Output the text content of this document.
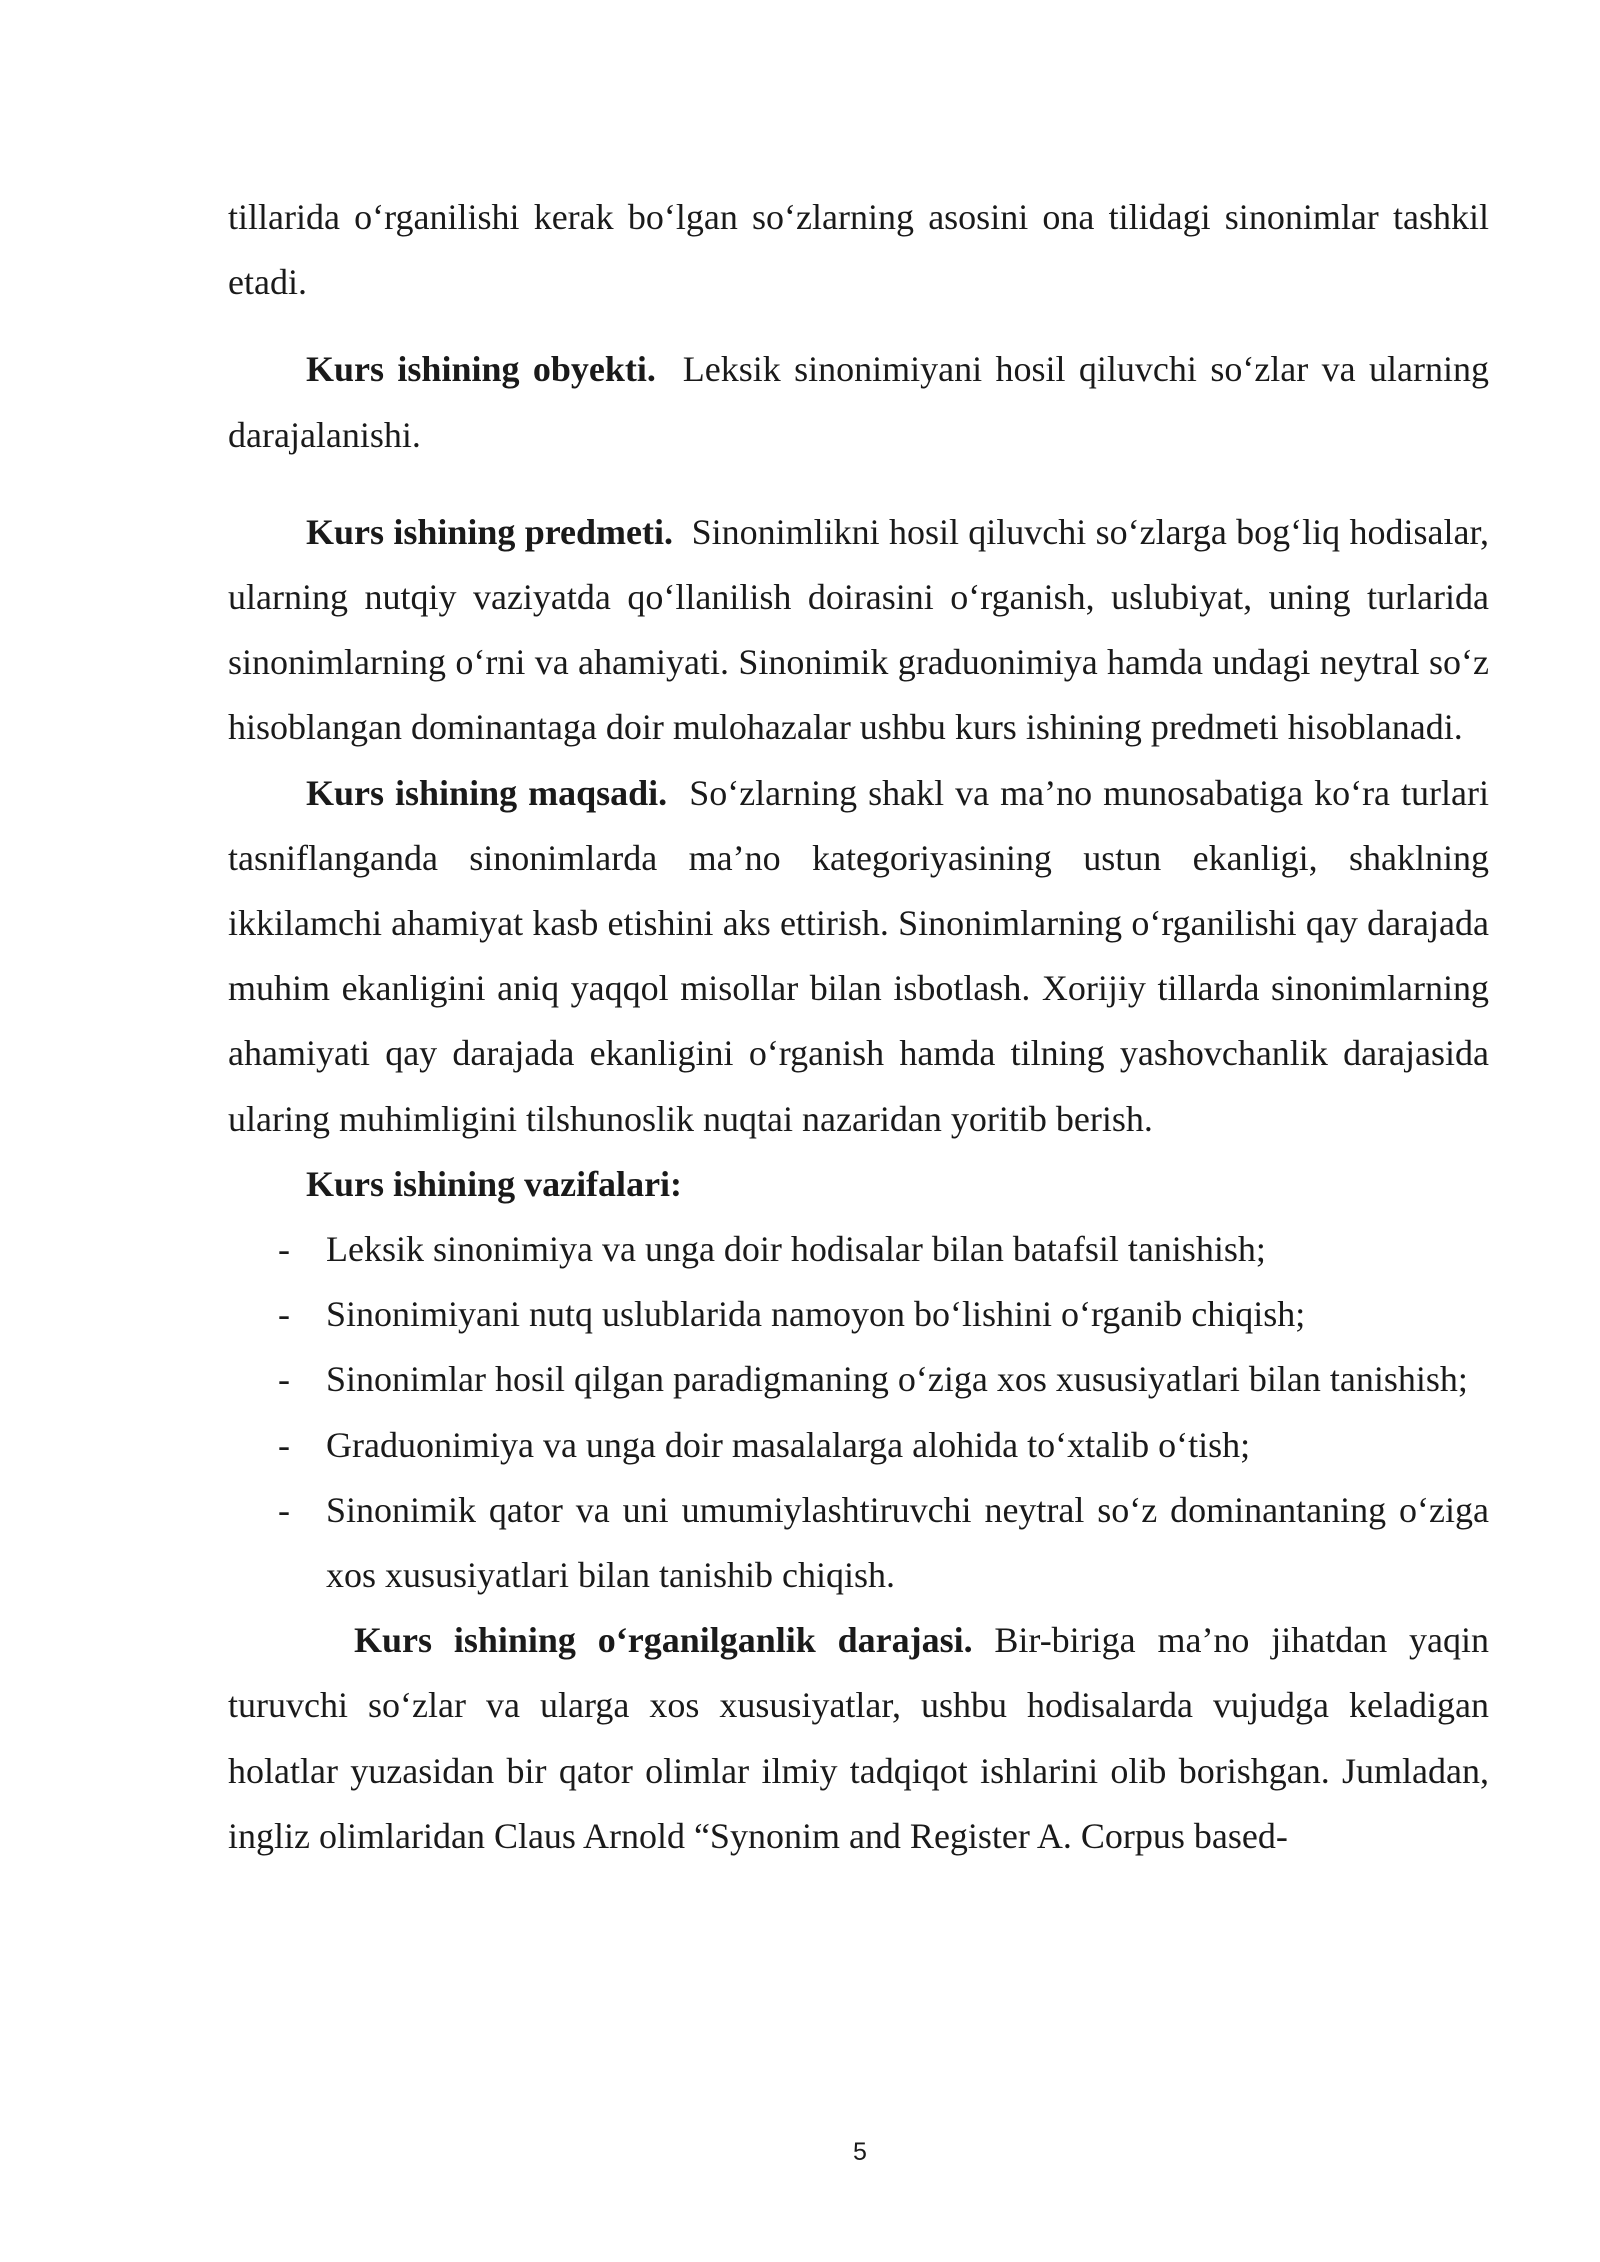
tillarida o‘rganilishi kerak bo‘lgan so‘zlarning asosini ona tilidagi sinonimlar tashkil etadi.

Kurs ishining obyekti. Leksik sinonimiyani hosil qiluvchi so‘zlar va ularning darajalanishi.

Kurs ishining predmeti. Sinonimlikni hosil qiluvchi so‘zlarga bog‘liq hodisalar, ularning nutqiy vaziyatda qo‘llanilish doirasini o‘rganish, uslubiyat, uning turlarida sinonimlarning o‘rni va ahamiyati. Sinonimik graduonimiya hamda undagi neytral so‘z hisoblangan dominantaga doir mulohazalar ushbu kurs ishining predmeti hisoblanadi.

Kurs ishining maqsadi. So‘zlarning shakl va ma’no munosabatiga ko‘ra turlari tasniflanganda sinonimlarda ma’no kategoriyasining ustun ekanligi, shaklning ikkilamchi ahamiyat kasb etishini aks ettirish. Sinonimlarning o‘rganilishi qay darajada muhim ekanligini aniq yaqqol misollar bilan isbotlash. Xorijiy tillarda sinonimlarning ahamiyati qay darajada ekanligini o‘rganish hamda tilning yashovchanlik darajasida ularing muhimligini tilshunoslik nuqtai nazaridan yoritib berish.

Kurs ishining vazifalari:

- Leksik sinonimiya va unga doir hodisalar bilan batafsil tanishish;
- Sinonimiyani nutq uslublarida namoyon bo‘lishini o‘rganib chiqish;
- Sinonimlar hosil qilgan paradigmaning o‘ziga xos xususiyatlari bilan tanishish;
- Graduonimiya va unga doir masalalarga alohida to‘xtalib o‘tish;
- Sinonimik qator va uni umumiylashtiruvchi neytral so‘z dominantaning o‘ziga xos xususiyatlari bilan tanishib chiqish.

Kurs ishining o‘rganilganlik darajasi. Bir-biriga ma’no jihatdan yaqin turuvchi so‘zlar va ularga xos xususiyatlar, ushbu hodisalarda vujudga keladigan holatlar yuzasidan bir qator olimlar ilmiy tadqiqot ishlarini olib borishgan. Jumladan, ingliz olimlaridan Claus Arnold “Synonim and Register A. Corpus based-

5
